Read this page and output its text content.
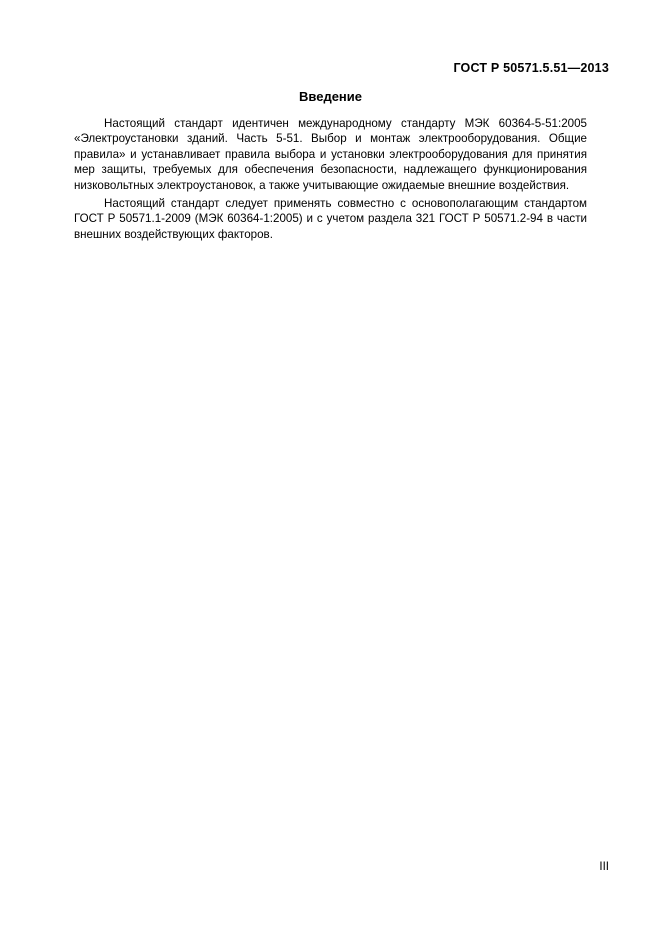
ГОСТ Р 50571.5.51—2013
Введение

Настоящий стандарт идентичен международному стандарту МЭК 60364-5-51:2005 «Электроустановки зданий. Часть 5-51. Выбор и монтаж электрооборудования. Общие правила» и устанавливает правила выбора и установки электрооборудования для принятия мер защиты, требуемых для обеспечения безопасности, надлежащего функционирования низковольтных электроустановок, а также учитывающие ожидаемые внешние воздействия.

Настоящий стандарт следует применять совместно с основополагающим стандартом ГОСТ Р 50571.1-2009 (МЭК 60364-1:2005) и с учетом раздела 321 ГОСТ Р 50571.2-94 в части внешних воздействующих факторов.

III
